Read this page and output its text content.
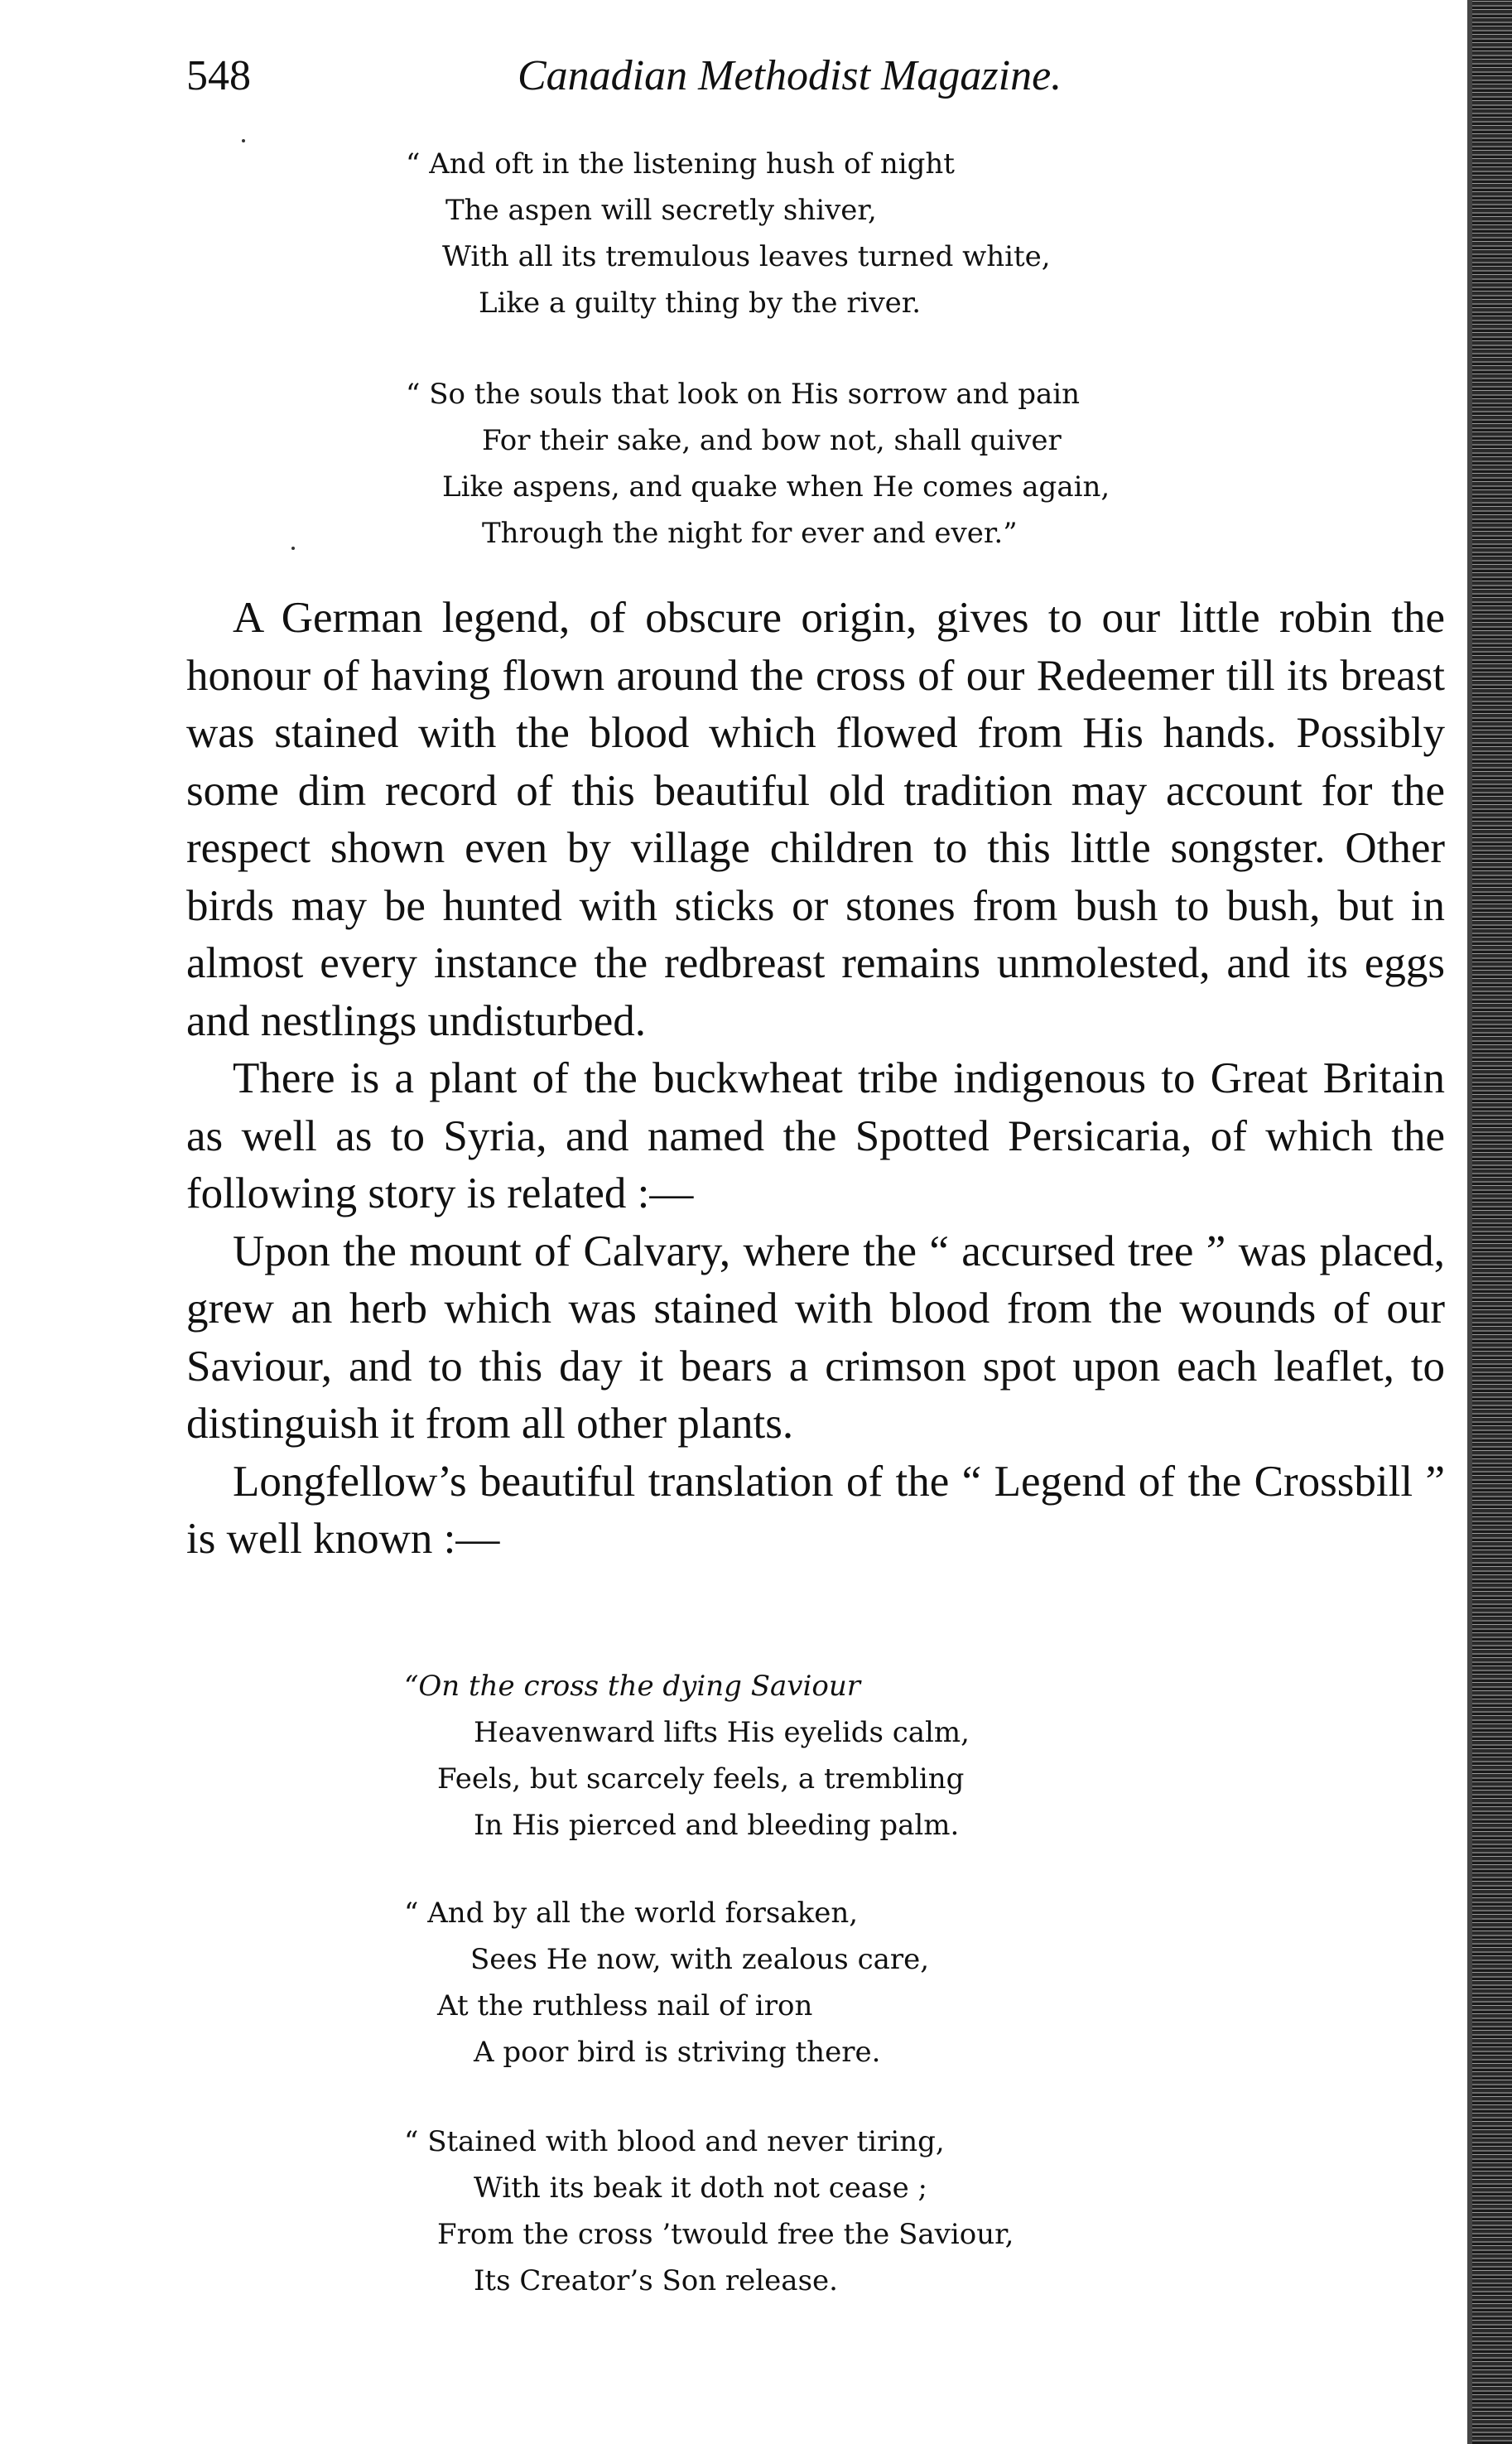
548	Canadian Methodist Magazine.
“ And oft in the listening hush of night
The aspen will secretly shiver,
With all its tremulous leaves turned white,
Like a guilty thing by the river.
“ So the souls that look on His sorrow and pain
For their sake, and bow not, shall quiver
Like aspens, and quake when He comes again,
Through the night for ever and ever.”

A German legend, of obscure origin, gives to our little robin the honour of having flown around the cross of our Redeemer till its breast was stained with the blood which flowed from His hands. Possibly some dim record of this beautiful old tradition may account for the respect shown even by village children to this little songster. Other birds may be hunted with sticks or stones from bush to bush, but in almost every instance the redbreast remains unmolested, and its eggs and nestlings undisturbed.

There is a plant of the buckwheat tribe indigenous to Great Britain as well as to Syria, and named the Spotted Persicaria, of which the following story is related :—

Upon the mount of Calvary, where the “ accursed tree ” was placed, grew an herb which was stained with blood from the wounds of our Saviour, and to this day it bears a crimson spot upon each leaflet, to distinguish it from all other plants.

Longfellow’s beautiful translation of the “ Legend of the Crossbill ” is well known :—

“On the cross the dying Saviour
Heavenward lifts His eyelids calm,
Feels, but scarcely feels, a trembling
In His pierced and bleeding palm.
“ And by all the world forsaken,
Sees He now, with zealous care,
At the ruthless nail of iron
A poor bird is striving there.
“ Stained with blood and never tiring,
With its beak it doth not cease ;
From the cross ’twould free the Saviour,
Its Creator’s Son release.
